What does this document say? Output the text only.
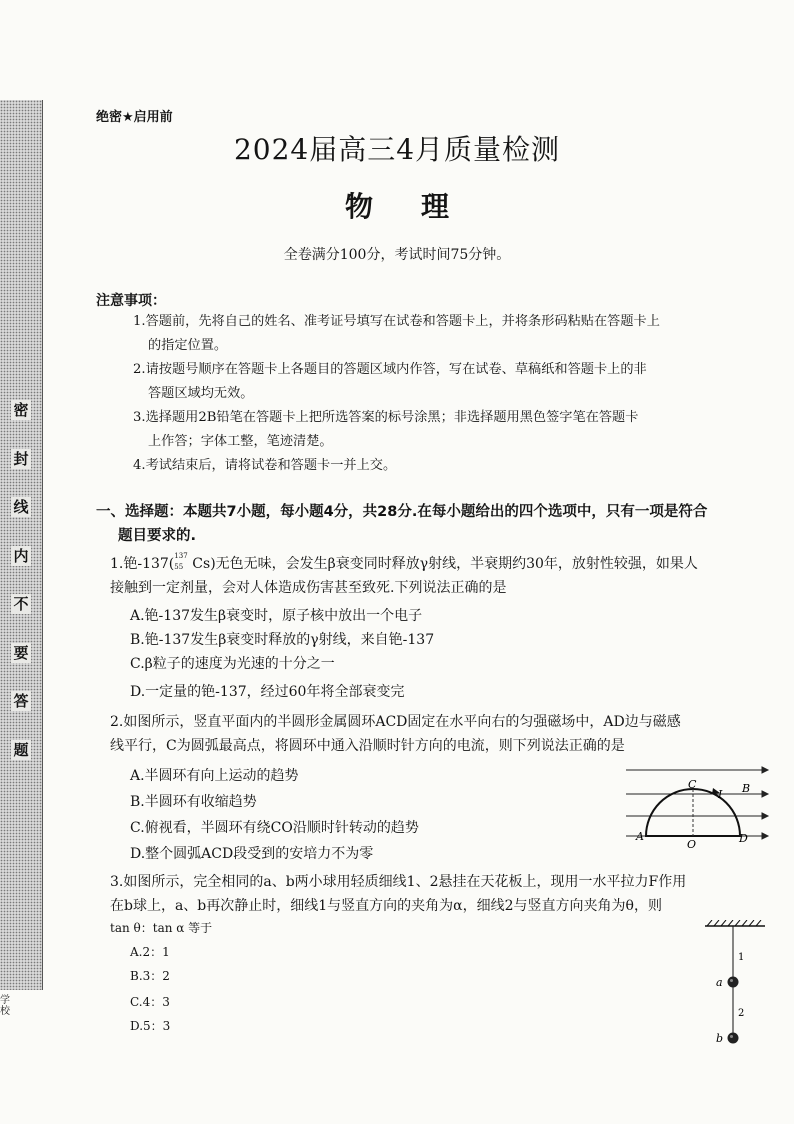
密
封
线
内
不
要
答
题
学校
绝密★启用前
2024届高三4月质量检测
物 理
全卷满分100分，考试时间75分钟。
注意事项：
1.答题前，先将自己的姓名、准考证号填写在试卷和答题卡上，并将条形码粘贴在答题卡上
的指定位置。
2.请按题号顺序在答题卡上各题目的答题区域内作答，写在试卷、草稿纸和答题卡上的非
答题区域均无效。
3.选择题用2B铅笔在答题卡上把所选答案的标号涂黑；非选择题用黑色签字笔在答题卡
上作答；字体工整，笔迹清楚。
4.考试结束后，请将试卷和答题卡一并上交。
一、选择题：本题共7小题，每小题4分，共28分.在每小题给出的四个选项中，只有一项是符合
题目要求的.
1.铯-137( 137
55 Cs)无色无味，会发生β衰变同时释放γ射线，半衰期约30年，放射性较强，如果人
接触到一定剂量，会对人体造成伤害甚至致死.下列说法正确的是
A.铯-137发生β衰变时，原子核中放出一个电子
B.铯-137发生β衰变时释放的γ射线，来自铯-137
C.β粒子的速度为光速的十分之一
D.一定量的铯-137，经过60年将全部衰变完
2.如图所示，竖直平面内的半圆形金属圆环ACD固定在水平向右的匀强磁场中，AD边与磁感
线平行，C为圆弧最高点，将圆环中通入沿顺时针方向的电流，则下列说法正确的是
A.半圆环有向上运动的趋势
B.半圆环有收缩趋势
C.俯视看，半圆环有绕CO沿顺时针转动的趋势
D.整个圆弧ACD段受到的安培力不为零
C
I B
A
O	D
3.如图所示，完全相同的a、b两小球用轻质细线1、2悬挂在天花板上，现用一水平拉力F作用
在b球上，a、b再次静止时，细线1与竖直方向的夹角为α，细线2与竖直方向夹角为θ，则
tan θ：tan α 等于
A.2：1
B.3：2
C.4：3
D.5：3
1
2
a
b
